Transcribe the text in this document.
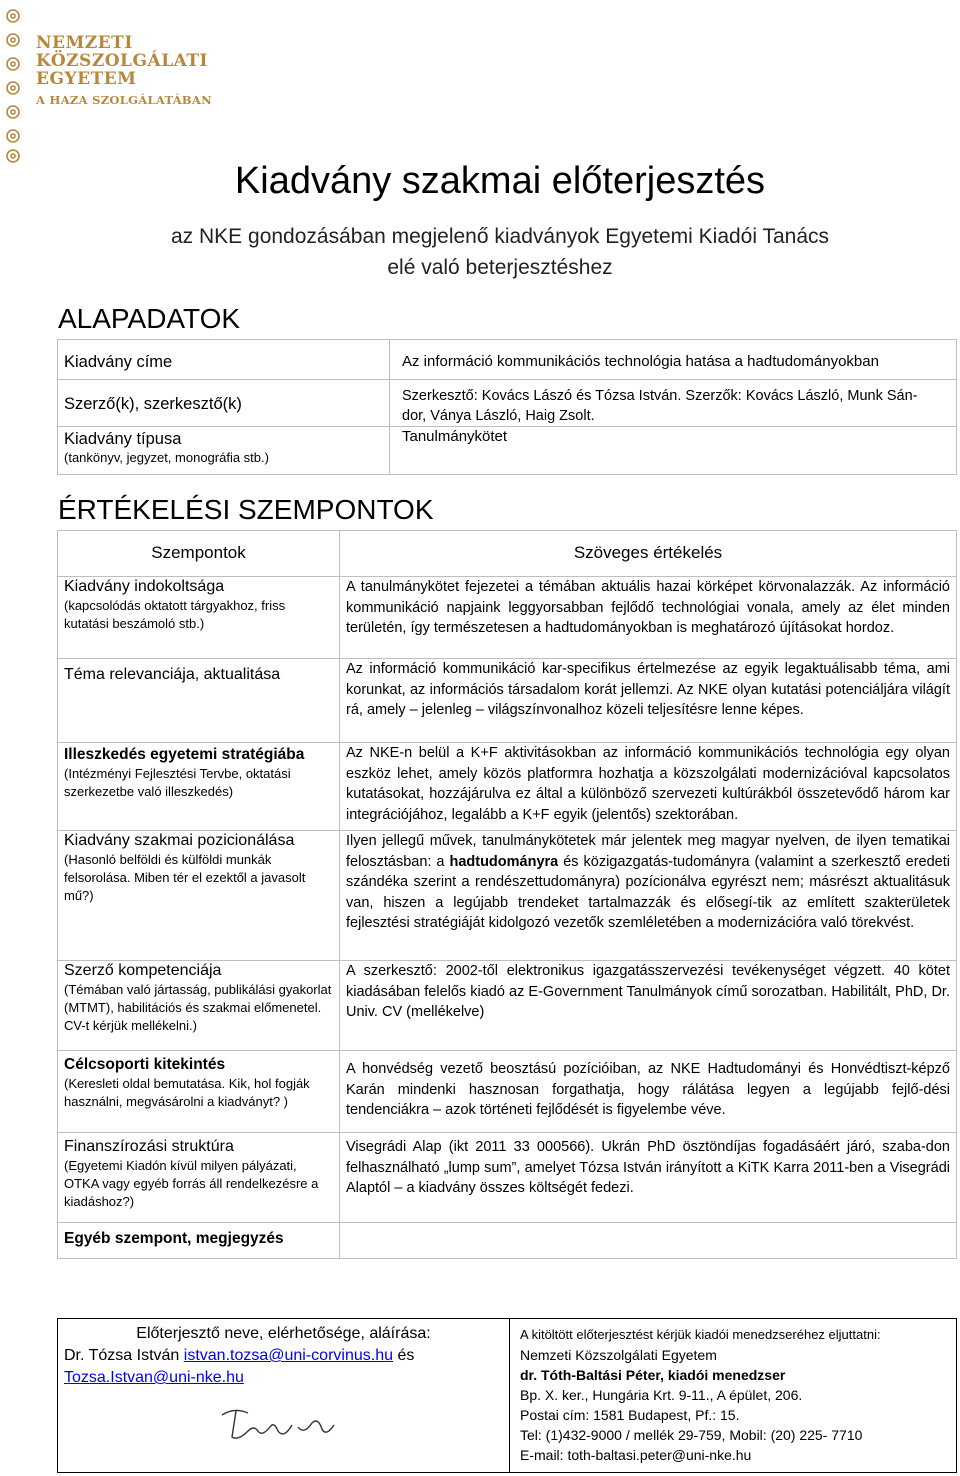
NEMZETI
KÖZSZOLGÁLATI
EGYETEM
A HAZA SZOLGÁLATÁBAN
Kiadvány szakmai előterjesztés
az NKE gondozásában megjelenő kiadványok Egyetemi Kiadói Tanács
elé való beterjesztéshez
ALAPADATOK
Kiadvány címe	Az információ kommunikációs technológia hatása a hadtudományokban
Szerző(k), szerkesztő(k)	Szerkesztő: Kovács Lászó és Tózsa István. Szerzők: Kovács László, Munk Sán-dor, Ványa László, Haig Zsolt.

Kiadvány típusa
(tankönyv, jegyzet, monográfia stb.)	Tanulmánykötet
ÉRTÉKELÉSI SZEMPONTOK
Szempontok	Szöveges értékelés

Kiadvány indokoltsága
(kapcsolódás oktatott tárgyakhoz, friss kutatási beszámoló stb.)	A tanulmánykötet fejezetei a témában aktuális hazai körképet körvonalazzák. Az információ kommunikáció napjaink leggyorsabban fejlődő technológiai vonala, amely az élet minden területén, így természetesen a hadtudományokban is meghatározó újításokat hordoz.

Téma relevanciája, aktualitása	Az információ kommunikáció kar-specifikus értelmezése az egyik legaktuálisabb téma, ami korunkat, az információs társadalom korát jellemzi. Az NKE olyan kutatási potenciáljára világít rá, amely – jelenleg – világszínvonalhoz közeli teljesítésre lenne képes.

Illeszkedés egyetemi stratégiába
(Intézményi Fejlesztési Tervbe, oktatási szerkezetbe való illeszkedés)	Az NKE-n belül a K+F aktivitásokban az információ kommunikációs technológia egy olyan eszköz lehet, amely közös platformra hozhatja a közszolgálati modernizációval kapcsolatos kutatásokat, hozzájárulva ez által a különböző szervezeti kultúrákból összetevődő három kar integrációjához, legalább a K+F egyik (jelentős) szektorában.

Kiadvány szakmai pozicionálása
(Hasonló belföldi és külföldi munkák felsorolása. Miben tér el ezektől a javasolt mű?)	Ilyen jellegű művek, tanulmánykötetek már jelentek meg magyar nyelven, de ilyen tematikai felosztásban: a hadtudományra és közigazgatás-tudományra (valamint a szerkesztő eredeti szándéka szerint a rendészettudományra) pozícionálva egyrészt nem; másrészt aktualitásuk van, hiszen a legújabb trendeket tartalmazzák és elősegí-tik az említett szakterületek fejlesztési stratégiáját kidolgozó vezetők szemléletében a modernizációra való törekvést.

Szerző kompetenciája
(Témában való jártasság, publikálási gyakorlat (MTMT), habilitációs és szakmai előmenetel. CV-t kérjük mellékelni.)	A szerkesztő: 2002-től elektronikus igazgatásszervezési tevékenységet végzett. 40 kötet kiadásában felelős kiadó az E-Government Tanulmányok című sorozatban. Habilitált, PhD, Dr. Univ. CV (mellékelve)

Célcsoporti kitekintés
(Keresleti oldal bemutatása. Kik, hol fogják használni, megvásárolni a kiadványt? )	A honvédség vezető beosztású pozícióiban, az NKE Hadtudományi és Honvédtiszt-képző Karán mindenki hasznosan forgathatja, hogy rálátása legyen a legújabb fejlő-dési tendenciákra – azok történeti fejlődését is figyelembe véve.

Finanszírozási struktúra
(Egyetemi Kiadón kívül milyen pályázati, OTKA vagy egyéb forrás áll rendelkezésre a kiadáshoz?)	Visegrádi Alap (ikt 2011 33 000566). Ukrán PhD ösztöndíjas fogadásáért járó, szaba-don felhasználható „lump sum”, amelyet Tózsa István irányított a KiTK Karra 2011-ben a Visegrádi Alaptól – a kiadvány összes költségét fedezi.

Egyéb szempont, megjegyzés	

Előterjesztő neve, elérhetősége, aláírása:
Dr. Tózsa István istvan.tozsa@uni-corvinus.hu és
Tozsa.Istvan@uni-nke.hu

A kitöltött előterjesztést kérjük kiadói menedzseréhez eljuttatni:
Nemzeti Közszolgálati Egyetem
dr. Tóth-Baltási Péter, kiadói menedzser
Bp. X. ker., Hungária Krt. 9-11., A épület, 206.
Postai cím: 1581 Budapest, Pf.: 15.
Tel: (1)432-9000 / mellék 29-759, Mobil: (20) 225- 7710
E-mail: toth-baltasi.peter@uni-nke.hu
